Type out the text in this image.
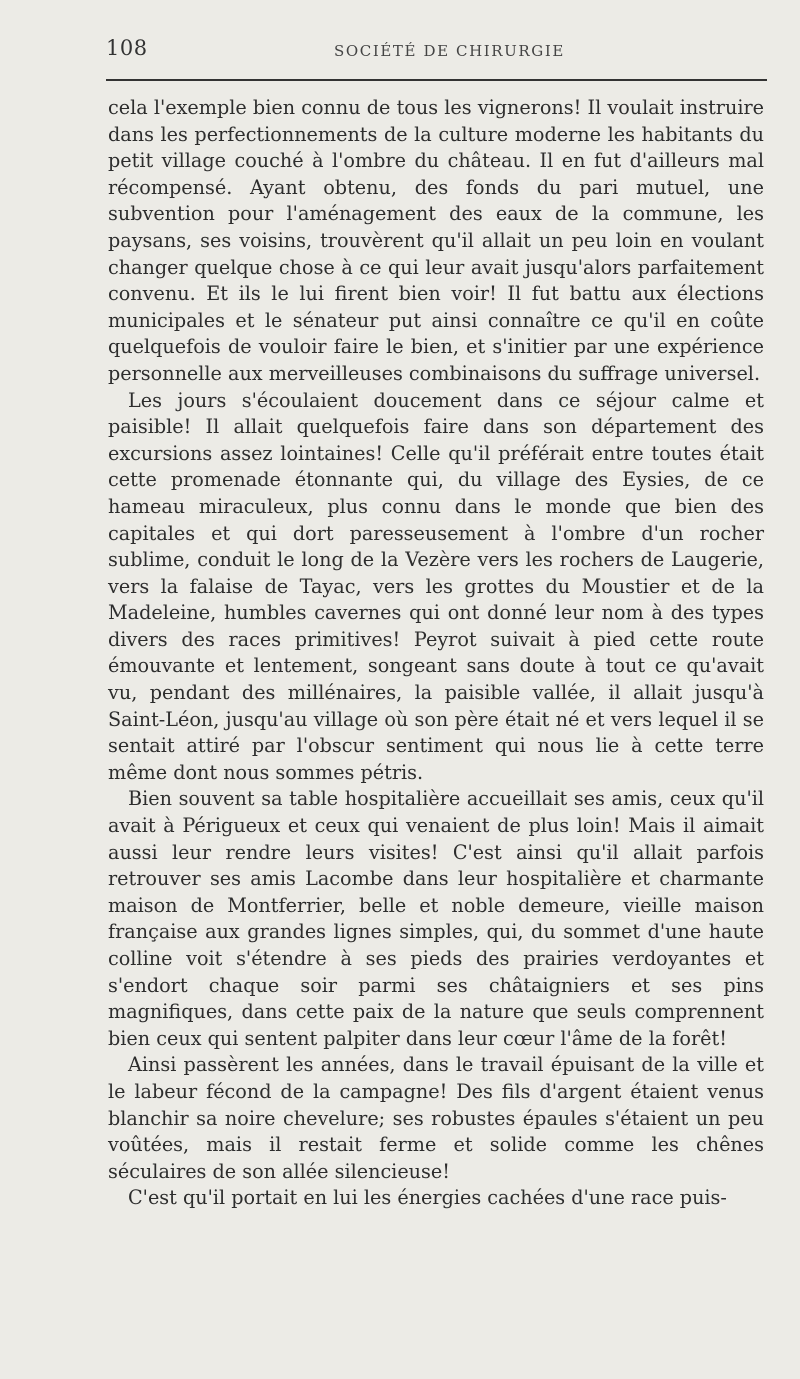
108	SOCIÉTÉ DE CHIRURGIE

cela l'exemple bien connu de tous les vignerons! Il voulait instruire dans les perfectionnements de la culture moderne les habitants du petit village couché à l'ombre du château. Il en fut d'ailleurs mal récompensé. Ayant obtenu, des fonds du pari mutuel, une subvention pour l'aménagement des eaux de la commune, les paysans, ses voisins, trouvèrent qu'il allait un peu loin en voulant changer quelque chose à ce qui leur avait jusqu'alors parfaitement convenu. Et ils le lui firent bien voir! Il fut battu aux élections municipales et le sénateur put ainsi connaître ce qu'il en coûte quelquefois de vouloir faire le bien, et s'initier par une expérience personnelle aux merveilleuses combinaisons du suffrage universel.

Les jours s'écoulaient doucement dans ce séjour calme et paisible! Il allait quelquefois faire dans son département des excursions assez lointaines! Celle qu'il préférait entre toutes était cette promenade étonnante qui, du village des Eysies, de ce hameau miraculeux, plus connu dans le monde que bien des capitales et qui dort paresseusement à l'ombre d'un rocher sublime, conduit le long de la Vezère vers les rochers de Laugerie, vers la falaise de Tayac, vers les grottes du Moustier et de la Madeleine, humbles cavernes qui ont donné leur nom à des types divers des races primitives! Peyrot suivait à pied cette route émouvante et lentement, songeant sans doute à tout ce qu'avait vu, pendant des millénaires, la paisible vallée, il allait jusqu'à Saint-Léon, jusqu'au village où son père était né et vers lequel il se sentait attiré par l'obscur sentiment qui nous lie à cette terre même dont nous sommes pétris.

Bien souvent sa table hospitalière accueillait ses amis, ceux qu'il avait à Périgueux et ceux qui venaient de plus loin! Mais il aimait aussi leur rendre leurs visites! C'est ainsi qu'il allait parfois retrouver ses amis Lacombe dans leur hospitalière et charmante maison de Montferrier, belle et noble demeure, vieille maison française aux grandes lignes simples, qui, du sommet d'une haute colline voit s'étendre à ses pieds des prairies verdoyantes et s'endort chaque soir parmi ses châtaigniers et ses pins magnifiques, dans cette paix de la nature que seuls comprennent bien ceux qui sentent palpiter dans leur cœur l'âme de la forêt!

Ainsi passèrent les années, dans le travail épuisant de la ville et le labeur fécond de la campagne! Des fils d'argent étaient venus blanchir sa noire chevelure; ses robustes épaules s'étaient un peu voûtées, mais il restait ferme et solide comme les chênes séculaires de son allée silencieuse!

C'est qu'il portait en lui les énergies cachées d'une race puis-
